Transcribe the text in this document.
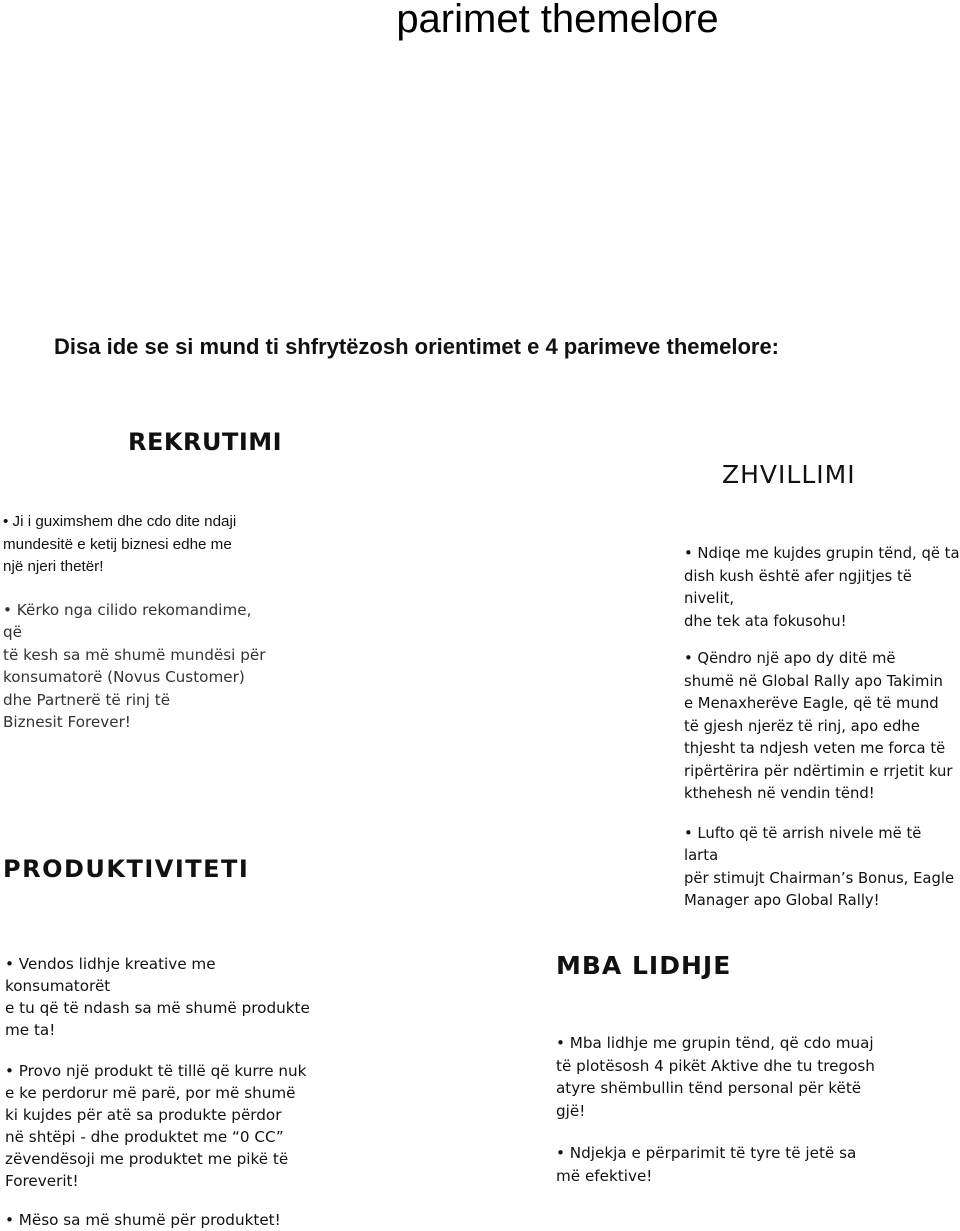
parimet themelore
Disa ide se si mund ti shfrytëzosh orientimet e 4 parimeve themelore:
REKRUTIMI

• Ji i guximshem dhe cdo dite ndaji

mundesitë e ketij biznesi edhe me

një njeri thetër!

• Kërko nga cilido rekomandime, që

të kesh sa më shumë mundësi për

konsumatorë (Novus Customer)

dhe Partnerë të rinj të

Biznesit Forever!

ZHVILLIMI

• Ndiqe me kujdes grupin tënd, që ta

dish kush është afer ngjitjes të nivelit,

dhe tek ata fokusohu!

• Qëndro një apo dy ditë më

shumë në Global Rally apo Takimin

e Menaxherëve Eagle, që të mund

të gjesh njerëz të rinj, apo edhe

thjesht ta ndjesh veten me forca të

ripërtërira për ndërtimin e rrjetit kur

kthehesh në vendin tënd!

• Lufto që të arrish nivele më të larta

për stimujt Chairman’s Bonus, Eagle

Manager apo Global Rally!

PRODUKTIVITETI

• Vendos lidhje kreative me konsumatorët

e tu që të ndash sa më shumë produkte

me ta!

• Provo një produkt të tillë që kurre nuk

e ke perdorur më parë, por më shumë

ki kujdes për atë sa produkte përdor

në shtëpi - dhe produktet me “0 CC”

zëvendësoji me produktet me pikë të

Foreverit!

• Mëso sa më shumë për produktet!

MBA LIDHJE

• Mba lidhje me grupin tënd, që cdo muaj

të plotësosh 4 pikët Aktive dhe tu tregosh

atyre shëmbullin tënd personal për këtë

gjë!

• Ndjekja e përparimit të tyre të jetë sa

më efektive!
